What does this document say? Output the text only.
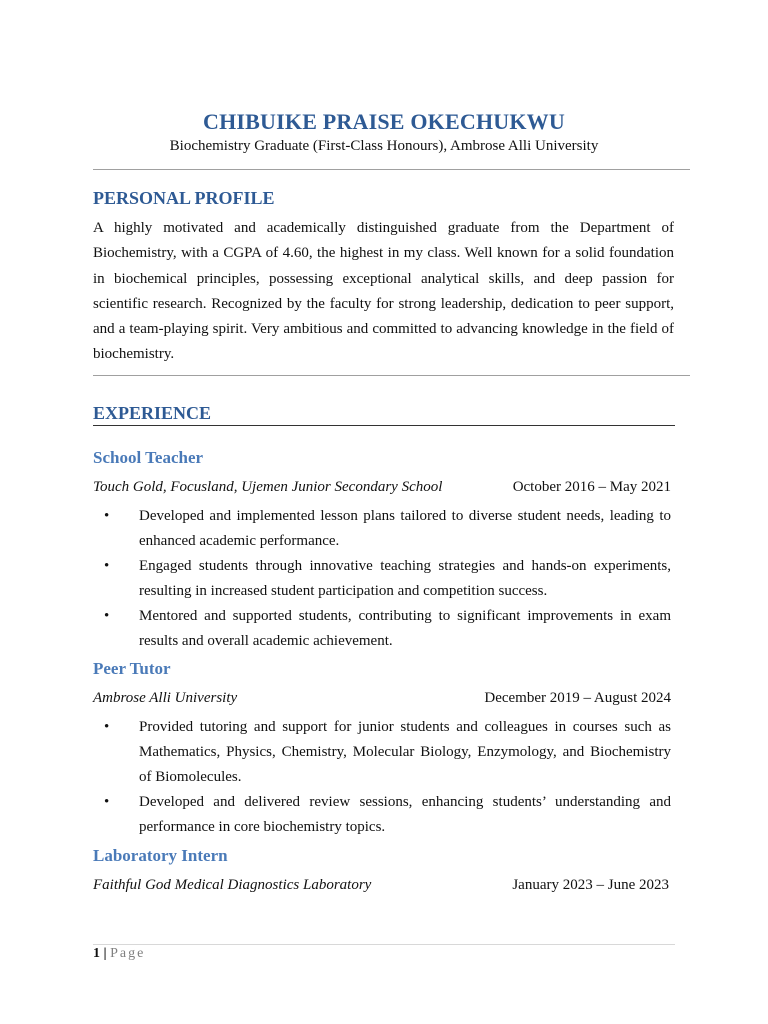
CHIBUIKE PRAISE OKECHUKWU
Biochemistry Graduate (First-Class Honours), Ambrose Alli University
PERSONAL PROFILE
A highly motivated and academically distinguished graduate from the Department of Biochemistry, with a CGPA of 4.60, the highest in my class. Well known for a solid foundation in biochemical principles, possessing exceptional analytical skills, and deep passion for scientific research. Recognized by the faculty for strong leadership, dedication to peer support, and a team-playing spirit. Very ambitious and committed to advancing knowledge in the field of biochemistry.
EXPERIENCE
School Teacher
Touch Gold, Focusland, Ujemen Junior Secondary School	October 2016 – May 2021
• Developed and implemented lesson plans tailored to diverse student needs, leading to enhanced academic performance.
• Engaged students through innovative teaching strategies and hands-on experiments, resulting in increased student participation and competition success.
• Mentored and supported students, contributing to significant improvements in exam results and overall academic achievement.
Peer Tutor
Ambrose Alli University	December 2019 – August 2024
• Provided tutoring and support for junior students and colleagues in courses such as Mathematics, Physics, Chemistry, Molecular Biology, Enzymology, and Biochemistry of Biomolecules.
• Developed and delivered review sessions, enhancing students’ understanding and performance in core biochemistry topics.
Laboratory Intern
Faithful God Medical Diagnostics Laboratory	January 2023 – June 2023
1 | Page
